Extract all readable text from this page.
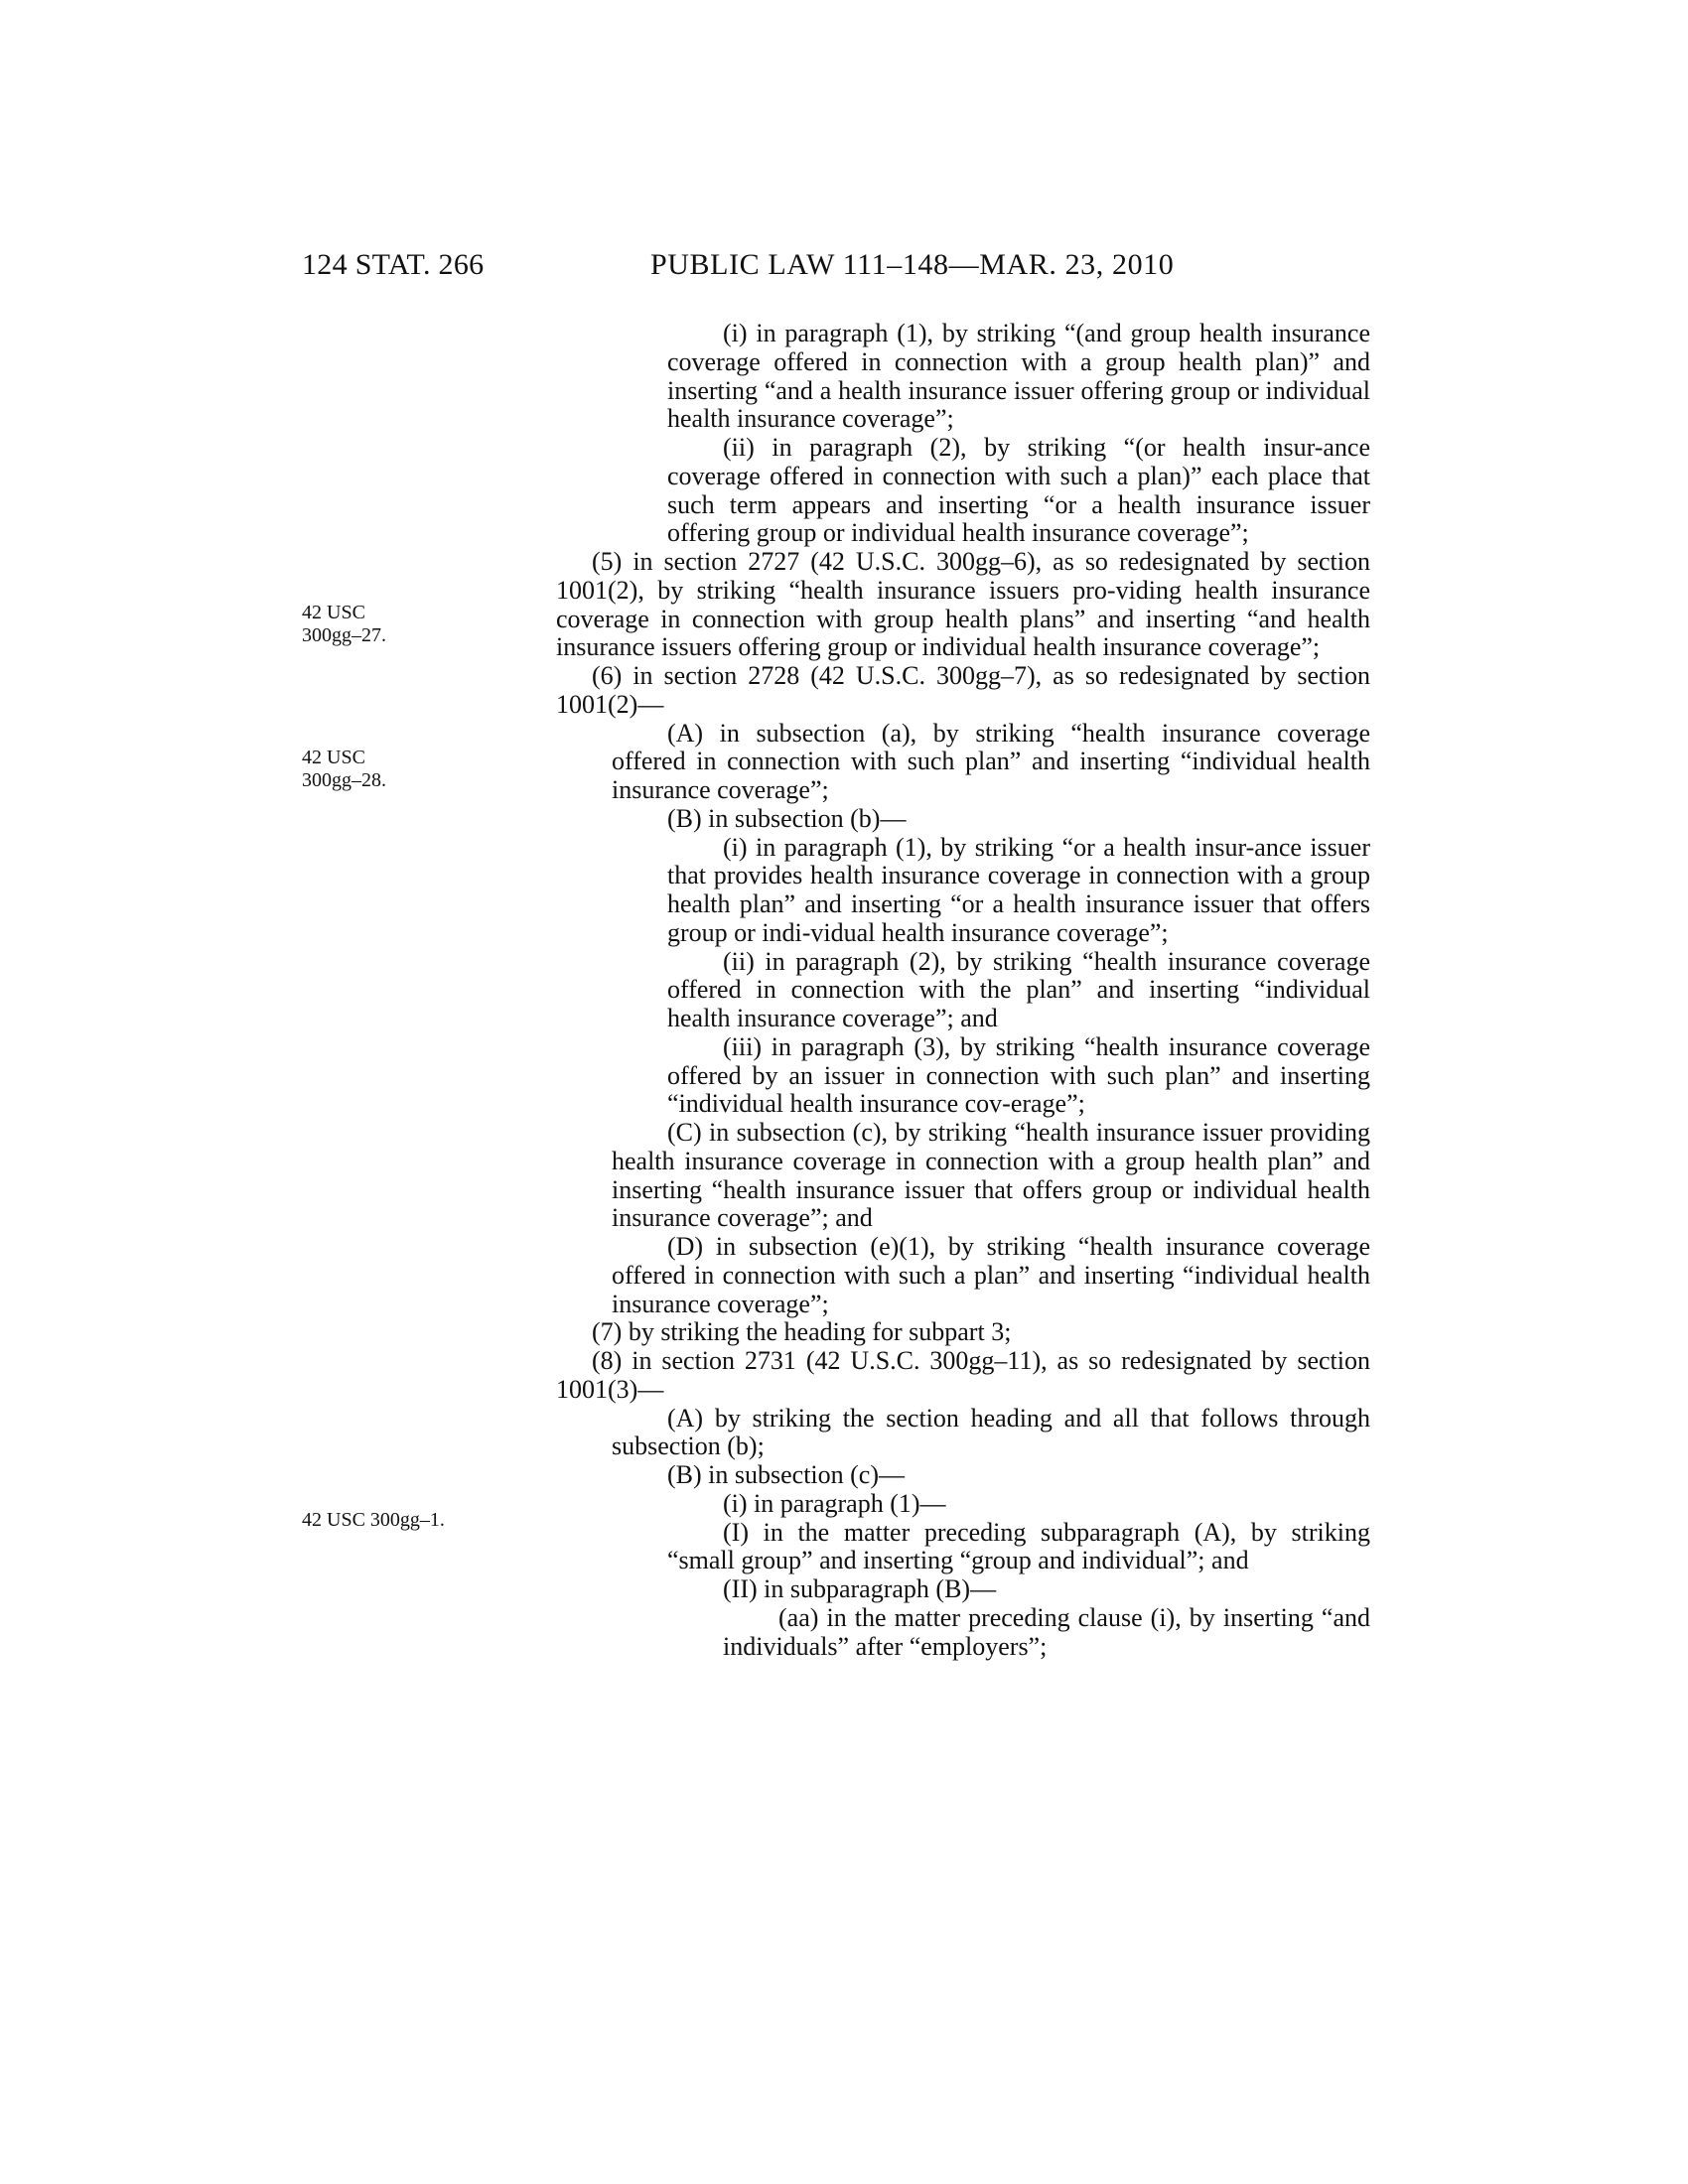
124 STAT. 266	PUBLIC LAW 111–148—MAR. 23, 2010
42 USC
300gg–27.
42 USC
300gg–28.
42 USC 300gg–1.

(i) in paragraph (1), by striking “(and group health insurance coverage offered in connection with a group health plan)” and inserting “and a health insurance issuer offering group or individual health insurance coverage”;

(ii) in paragraph (2), by striking “(or health insur-ance coverage offered in connection with such a plan)” each place that such term appears and inserting “or a health insurance issuer offering group or individual health insurance coverage”;

(5) in section 2727 (42 U.S.C. 300gg–6), as so redesignated by section 1001(2), by striking “health insurance issuers pro-viding health insurance coverage in connection with group health plans” and inserting “and health insurance issuers offering group or individual health insurance coverage”;

(6) in section 2728 (42 U.S.C. 300gg–7), as so redesignated by section 1001(2)—

(A) in subsection (a), by striking “health insurance coverage offered in connection with such plan” and inserting “individual health insurance coverage”;

(B) in subsection (b)—

(i) in paragraph (1), by striking “or a health insur-ance issuer that provides health insurance coverage in connection with a group health plan” and inserting “or a health insurance issuer that offers group or indi-vidual health insurance coverage”;

(ii) in paragraph (2), by striking “health insurance coverage offered in connection with the plan” and inserting “individual health insurance coverage”; and

(iii) in paragraph (3), by striking “health insurance coverage offered by an issuer in connection with such plan” and inserting “individual health insurance cov-erage”;

(C) in subsection (c), by striking “health insurance issuer providing health insurance coverage in connection with a group health plan” and inserting “health insurance issuer that offers group or individual health insurance coverage”; and

(D) in subsection (e)(1), by striking “health insurance coverage offered in connection with such a plan” and inserting “individual health insurance coverage”;

(7) by striking the heading for subpart 3;

(8) in section 2731 (42 U.S.C. 300gg–11), as so redesignated by section 1001(3)—

(A) by striking the section heading and all that follows through subsection (b);

(B) in subsection (c)—

(i) in paragraph (1)—

(I) in the matter preceding subparagraph (A), by striking “small group” and inserting “group and individual”; and

(II) in subparagraph (B)—

(aa) in the matter preceding clause (i), by inserting “and individuals” after “employers”;
